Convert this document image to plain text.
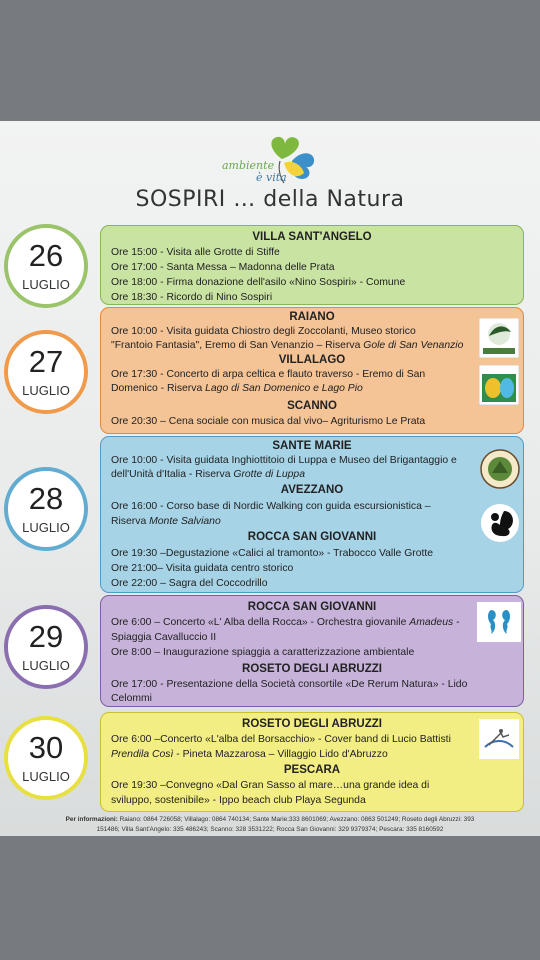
ambiente
è vita
SOSPIRI … della Natura
26
LUGLIO
VILLA SANT'ANGELO
Ore 15:00 - Visita alle Grotte di Stiffe
Ore 17:00 - Santa Messa – Madonna delle Prata
Ore 18:00 - Firma donazione dell'asilo «Nino Sospiri» - Comune
Ore 18:30 - Ricordo di Nino Sospiri
27
LUGLIO
RAIANO
Ore 10:00 - Visita guidata Chiostro degli Zoccolanti, Museo storico
"Frantoio Fantasia", Eremo di San Venanzio – Riserva Gole di San Venanzio
VILLALAGO
Ore 17:30 - Concerto di arpa celtica e flauto traverso - Eremo di San
Domenico - Riserva Lago di San Domenico e Lago Pio
SCANNO
Ore 20:30 – Cena sociale con musica dal vivo– Agriturismo Le Prata
28
LUGLIO
SANTE MARIE
Ore 10:00 - Visita guidata Inghiottitoio di Luppa e Museo del Brigantaggio e
dell'Unità d'Italia - Riserva Grotte di Luppa
AVEZZANO
Ore 16:00 - Corso base di Nordic Walking con guida escursionistica –
Riserva Monte Salviano
ROCCA SAN GIOVANNI
Ore 19:30 –Degustazione «Calici al tramonto» - Trabocco Valle Grotte
Ore 21:00– Visita guidata centro storico
Ore 22:00 – Sagra del Coccodrillo
29
LUGLIO
ROCCA SAN GIOVANNI
Ore 6:00 – Concerto «L' Alba della Rocca» - Orchestra giovanile Amadeus -
Spiaggia Cavalluccio II
Ore 8:00 – Inaugurazione spiaggia a caratterizzazione ambientale
ROSETO DEGLI ABRUZZI
Ore 17:00 - Presentazione della Società consortile «De Rerum Natura» - Lido
Celommi
30
LUGLIO
ROSETO DEGLI ABRUZZI
Ore 6:00 –Concerto «L'alba del Borsacchio» - Cover band di Lucio Battisti
Prendila Così - Pineta Mazzarosa – Villaggio Lido d'Abruzzo
PESCARA
Ore 19:30 –Convegno «Dal Gran Sasso al mare…una grande idea di
sviluppo, sostenibile» - Ippo beach club Playa Segunda
Per informazioni: Raiano: 0864 726058; Villalago: 0864 740134; Sante Marie:333 8601069; Avezzano: 0863 501249; Roseto degli Abruzzi: 393
151486; Villa Sant'Angelo: 335 486243; Scanno: 328 3531222; Rocca San Giovanni: 329 9379374; Pescara: 335 8160592
